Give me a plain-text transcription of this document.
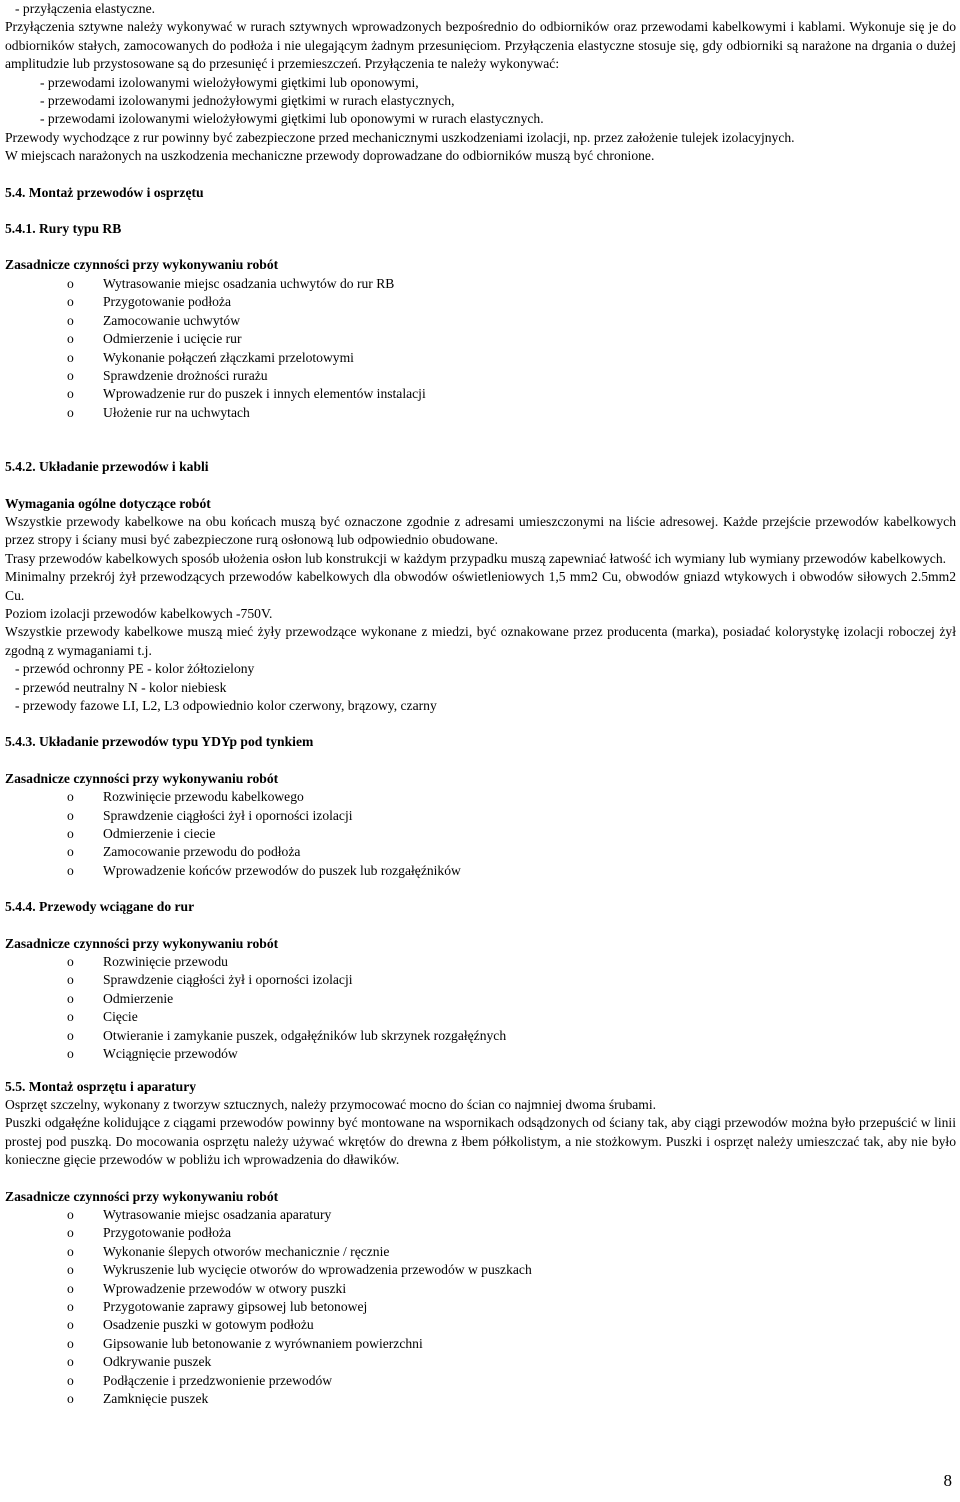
- przyłączenia elastyczne.

Przyłączenia sztywne należy wykonywać w rurach sztywnych wprowadzonych bezpośrednio do odbiorników oraz przewodami kabelkowymi i kablami. Wykonuje się je do odbiorników stałych, zamocowanych do podłoża i nie ulegającym żadnym przesunięciom. Przyłączenia elastyczne stosuje się, gdy odbiorniki są narażone na drgania o dużej amplitudzie lub przystosowane są do przesunięć i przemieszczeń. Przyłączenia te należy wykonywać:

- przewodami izolowanymi wielożyłowymi giętkimi lub oponowymi,

- przewodami izolowanymi jednożyłowymi giętkimi w rurach elastycznych,

- przewodami izolowanymi wielożyłowymi giętkimi lub oponowymi w rurach elastycznych.

Przewody wychodzące z rur powinny być zabezpieczone przed mechanicznymi uszkodzeniami izolacji, np. przez założenie tulejek izolacyjnych.

W miejscach narażonych na uszkodzenia mechaniczne przewody doprowadzane do odbiorników muszą być chronione.

5.4. Montaż przewodów i osprzętu

5.4.1. Rury typu RB

Zasadnicze czynności przy wykonywaniu robót

o Wytrasowanie miejsc osadzania uchwytów do rur RB
o Przygotowanie podłoża
o Zamocowanie uchwytów
o Odmierzenie i ucięcie rur
o Wykonanie połączeń złączkami przelotowymi
o Sprawdzenie drożności rurażu
o Wprowadzenie rur do puszek i innych elementów instalacji
o Ułożenie rur na uchwytach

5.4.2. Układanie przewodów i kabli

Wymagania ogólne dotyczące robót

Wszystkie przewody kabelkowe na obu końcach muszą być oznaczone zgodnie z adresami umieszczonymi na liście adresowej. Każde przejście przewodów kabelkowych przez stropy i ściany musi być zabezpieczone rurą osłonową lub odpowiednio obudowane.

Trasy przewodów kabelkowych sposób ułożenia osłon lub konstrukcji w każdym przypadku muszą zapewniać łatwość ich wymiany lub wymiany przewodów kabelkowych.

Minimalny przekrój żył przewodzących przewodów kabelkowych dla obwodów oświetleniowych 1,5 mm2 Cu, obwodów gniazd wtykowych i obwodów siłowych 2.5mm2 Cu.

Poziom izolacji przewodów kabelkowych -750V.

Wszystkie przewody kabelkowe muszą mieć żyły przewodzące wykonane z miedzi, być oznakowane przez producenta (marka), posiadać kolorystykę izolacji roboczej żył zgodną z wymaganiami t.j.

- przewód ochronny PE - kolor żółtozielony

- przewód neutralny N - kolor niebiesk

- przewody fazowe LI, L2, L3 odpowiednio kolor czerwony, brązowy, czarny

5.4.3. Układanie przewodów typu YDYp pod tynkiem

Zasadnicze czynności przy wykonywaniu robót

o Rozwinięcie przewodu kabelkowego
o Sprawdzenie ciągłości żył i oporności izolacji
o Odmierzenie i ciecie
o Zamocowanie przewodu do podłoża
o Wprowadzenie końców przewodów do puszek lub rozgałęźników

5.4.4. Przewody wciągane do rur

Zasadnicze czynności przy wykonywaniu robót

o Rozwinięcie przewodu
o Sprawdzenie ciągłości żył i oporności izolacji
o Odmierzenie
o Cięcie
o Otwieranie i zamykanie puszek, odgałęźników lub skrzynek rozgałęźnych
o Wciągnięcie przewodów

5.5. Montaż osprzętu i aparatury

Osprzęt szczelny, wykonany z tworzyw sztucznych, należy przymocować mocno do ścian co najmniej dwoma śrubami.

Puszki odgałęźne kolidujące z ciągami przewodów powinny być montowane na wspornikach odsądzonych od ściany tak, aby ciągi przewodów można było przepuścić w linii prostej pod puszką. Do mocowania osprzętu należy używać wkrętów do drewna z łbem półkolistym, a nie stożkowym. Puszki i osprzęt należy umieszczać tak, aby nie było konieczne gięcie przewodów w pobliżu ich wprowadzenia do dławików.

Zasadnicze czynności przy wykonywaniu robót

o Wytrasowanie miejsc osadzania aparatury
o Przygotowanie podłoża
o Wykonanie ślepych otworów mechanicznie / ręcznie
o Wykruszenie lub wycięcie otworów do wprowadzenia przewodów w puszkach
o Wprowadzenie przewodów w otwory puszki
o Przygotowanie zaprawy gipsowej lub betonowej
o Osadzenie puszki w gotowym podłożu
o Gipsowanie lub betonowanie z wyrównaniem powierzchni
o Odkrywanie puszek
o Podłączenie i przedzwonienie przewodów
o Zamknięcie puszek
8
